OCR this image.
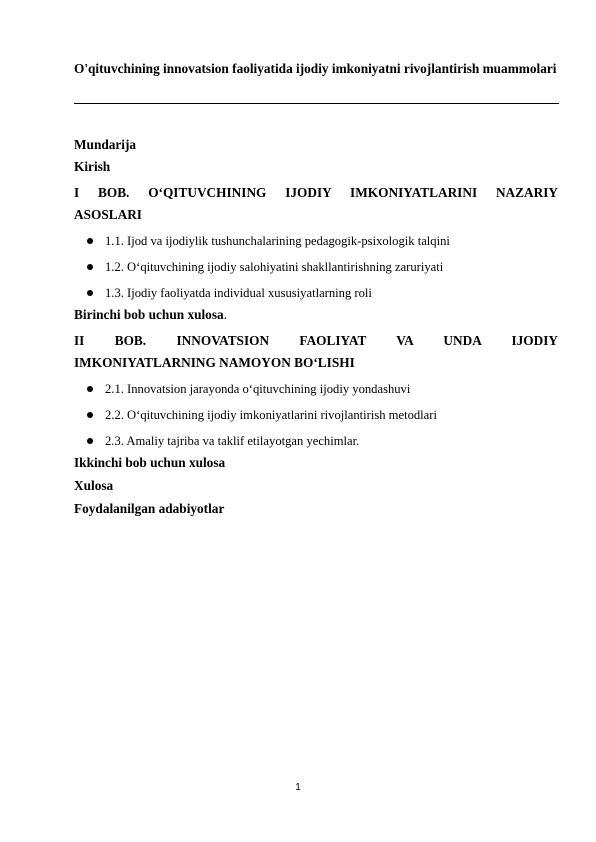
O'qituvchining innovatsion faoliyatida ijodiy imkoniyatni rivojlantirish muammolari
Mundarija
Kirish
I BOB. O‘QITUVCHINING IJODIY IMKONIYATLARINI NAZARIY
ASOSLARI
1.1. Ijod va ijodiylik tushunchalarining pedagogik-psixologik talqini
1.2. O‘qituvchining ijodiy salohiyatini shakllantirishning zaruriyati
1.3. Ijodiy faoliyatda individual xususiyatlarning roli
Birinchi bob uchun xulosa.
II BOB. INNOVATSION FAOLIYAT VA UNDA IJODIY
IMKONIYATLARNING NAMOYON BO‘LISHI
2.1. Innovatsion jarayonda o‘qituvchining ijodiy yondashuvi
2.2. O‘qituvchining ijodiy imkoniyatlarini rivojlantirish metodlari
2.3. Amaliy tajriba va taklif etilayotgan yechimlar.
Ikkinchi bob uchun xulosa
Xulosa
Foydalanilgan adabiyotlar
1
